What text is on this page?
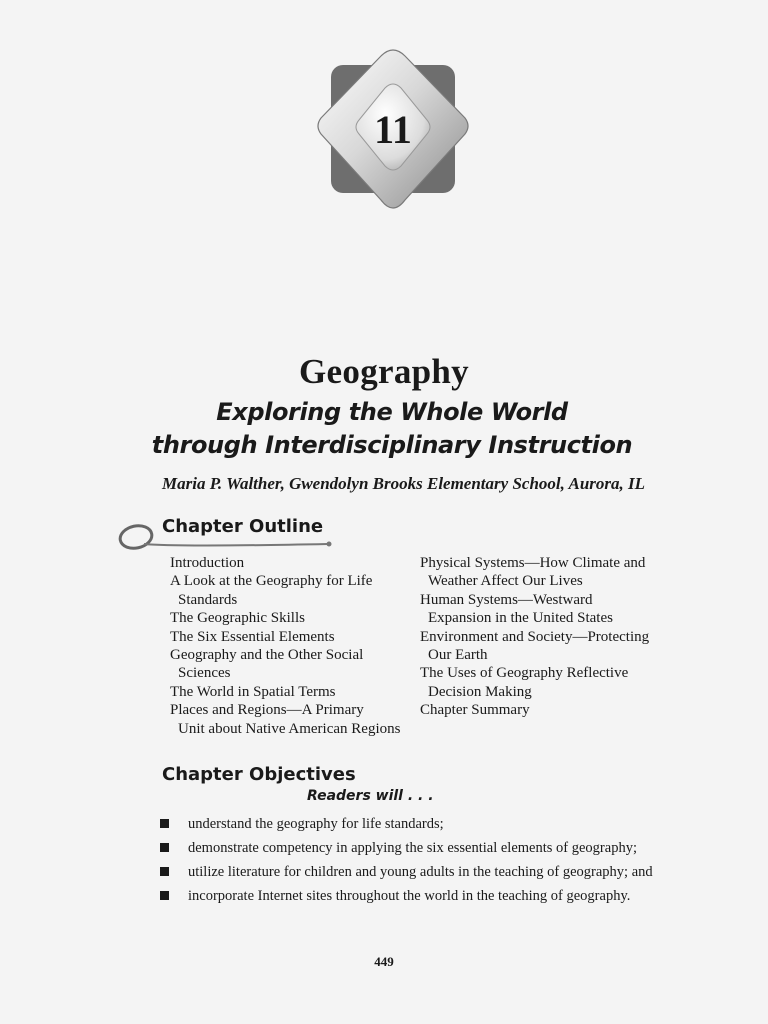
11
Geography
Exploring the Whole World
through Interdisciplinary Instruction
Maria P. Walther, Gwendolyn Brooks Elementary School, Aurora, IL
Chapter Outline
Introduction
A Look at the Geography for Life
Standards
The Geographic Skills
The Six Essential Elements
Geography and the Other Social
Sciences
The World in Spatial Terms
Places and Regions—A Primary
Unit about Native American Regions
Physical Systems—How Climate and
Weather Affect Our Lives
Human Systems—Westward
Expansion in the United States
Environment and Society—Protecting
Our Earth
The Uses of Geography Reflective
Decision Making
Chapter Summary
Chapter Objectives
Readers will . . .
understand the geography for life standards;
demonstrate competency in applying the six essential elements of geography;
utilize literature for children and young adults in the teaching of geography; and
incorporate Internet sites throughout the world in the teaching of geography.
449
